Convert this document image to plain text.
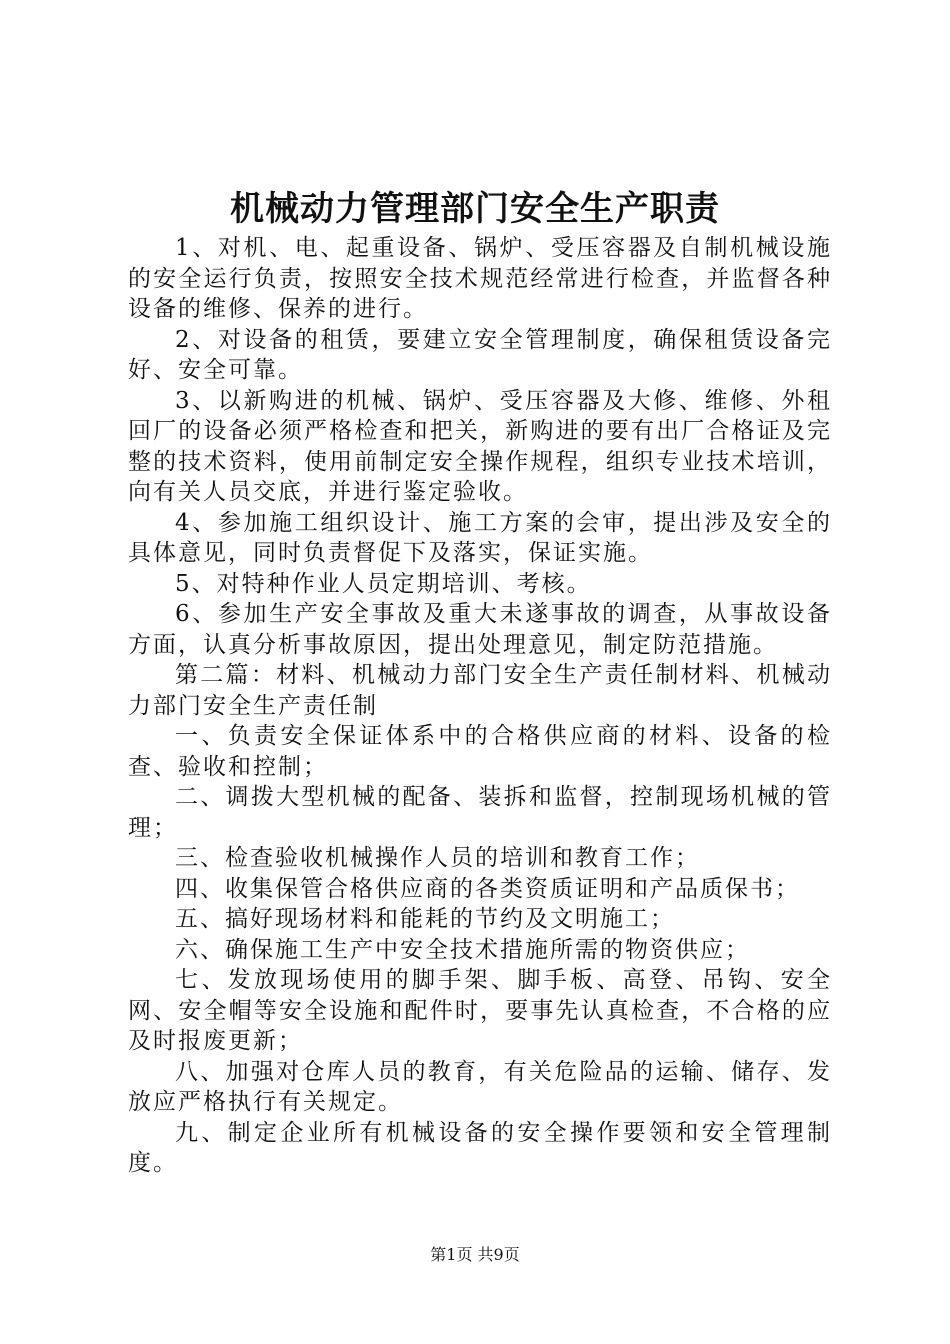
机械动力管理部门安全生产职责

1、对机、电、起重设备、锅炉、受压容器及自制机械设施的安全运行负责，按照安全技术规范经常进行检查，并监督各种设备的维修、保养的进行。

2、对设备的租赁，要建立安全管理制度，确保租赁设备完好、安全可靠。

3、以新购进的机械、锅炉、受压容器及大修、维修、外租回厂的设备必须严格检查和把关，新购进的要有出厂合格证及完整的技术资料，使用前制定安全操作规程，组织专业技术培训，向有关人员交底，并进行鉴定验收。

4、参加施工组织设计、施工方案的会审，提出涉及安全的具体意见，同时负责督促下及落实，保证实施。

5、对特种作业人员定期培训、考核。

6、参加生产安全事故及重大未遂事故的调查，从事故设备方面，认真分析事故原因，提出处理意见，制定防范措施。

第二篇：材料、机械动力部门安全生产责任制材料、机械动力部门安全生产责任制

一、负责安全保证体系中的合格供应商的材料、设备的检查、验收和控制；

二、调拨大型机械的配备、装拆和监督，控制现场机械的管理；

三、检查验收机械操作人员的培训和教育工作；

四、收集保管合格供应商的各类资质证明和产品质保书；

五、搞好现场材料和能耗的节约及文明施工；

六、确保施工生产中安全技术措施所需的物资供应；

七、发放现场使用的脚手架、脚手板、高登、吊钩、安全网、安全帽等安全设施和配件时，要事先认真检查，不合格的应及时报废更新；

八、加强对仓库人员的教育，有关危险品的运输、储存、发放应严格执行有关规定。

九、制定企业所有机械设备的安全操作要领和安全管理制度。

第1页 共9页
